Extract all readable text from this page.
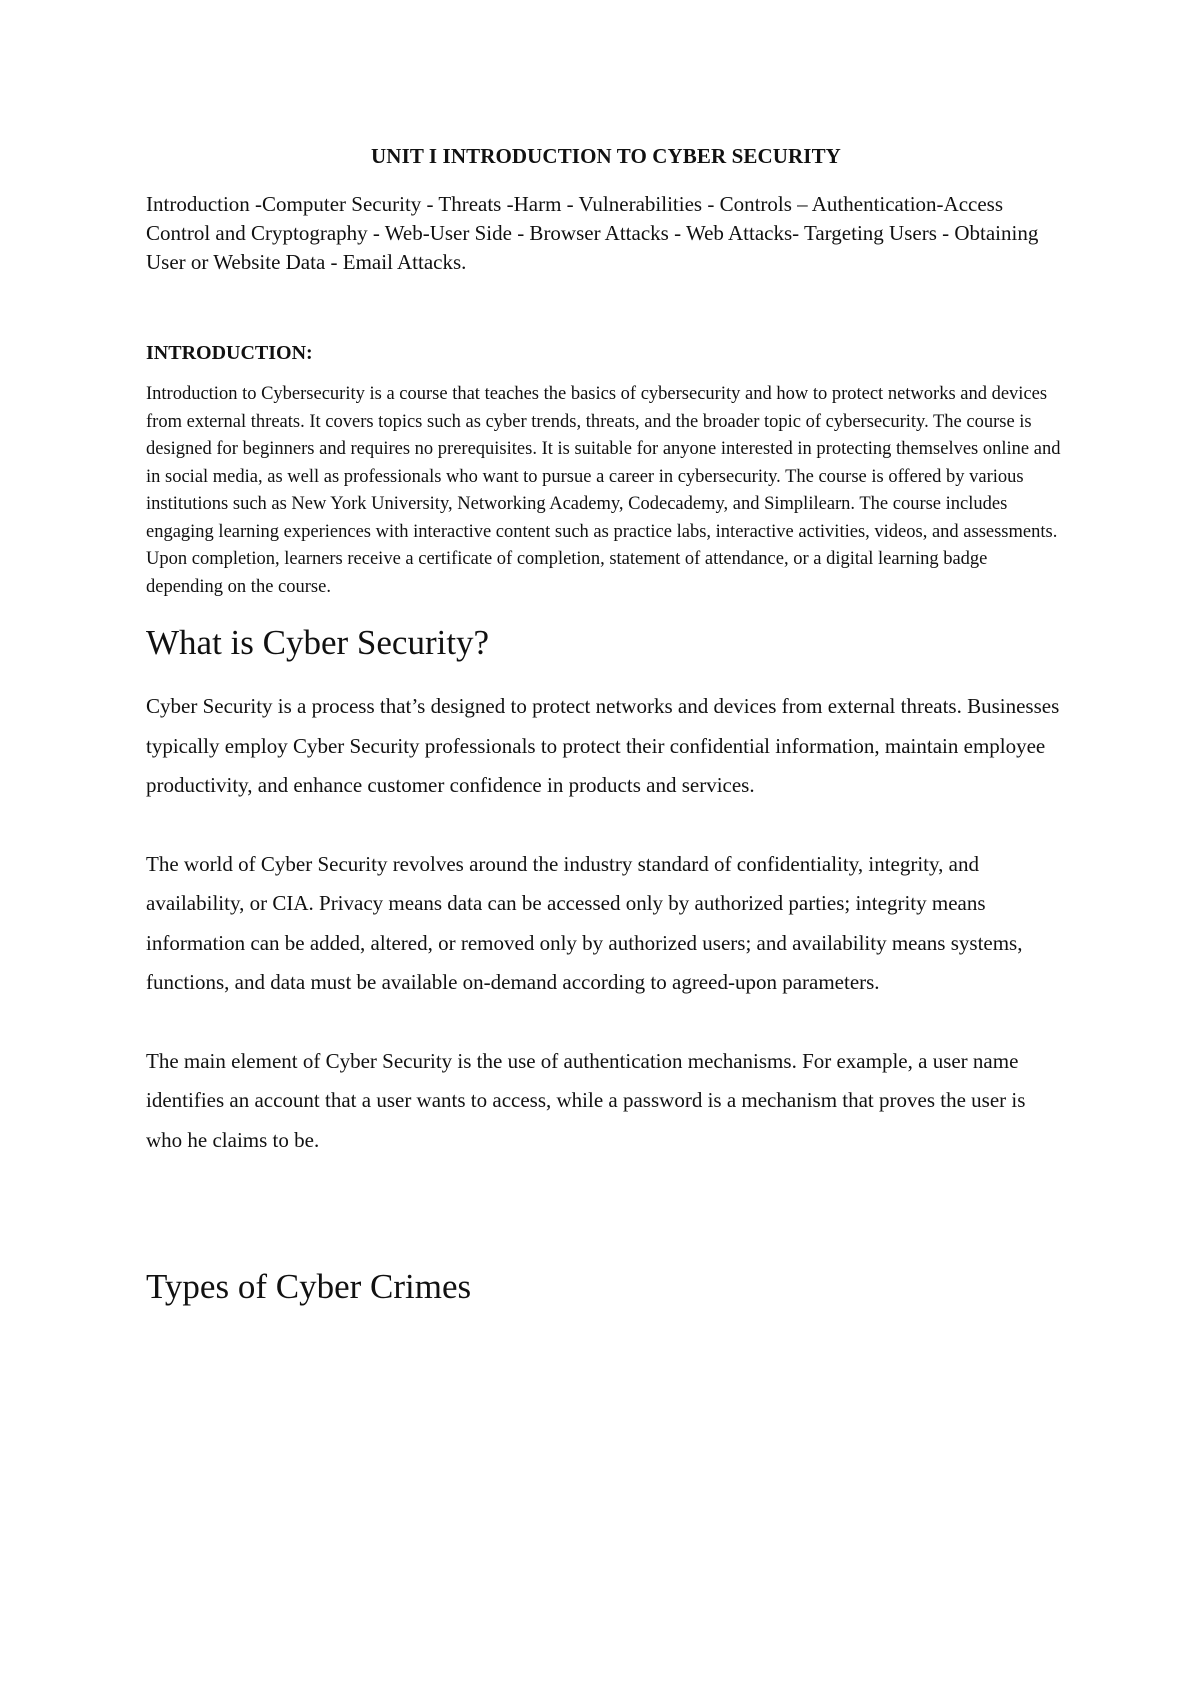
UNIT I INTRODUCTION TO CYBER SECURITY

Introduction -Computer Security - Threats -Harm - Vulnerabilities - Controls – Authentication-Access Control and Cryptography - Web-User Side - Browser Attacks - Web Attacks- Targeting Users - Obtaining User or Website Data - Email Attacks.

INTRODUCTION:

Introduction to Cybersecurity is a course that teaches the basics of cybersecurity and how to protect networks and devices from external threats. It covers topics such as cyber trends, threats, and the broader topic of cybersecurity. The course is designed for beginners and requires no prerequisites. It is suitable for anyone interested in protecting themselves online and in social media, as well as professionals who want to pursue a career in cybersecurity. The course is offered by various institutions such as New York University, Networking Academy, Codecademy, and Simplilearn. The course includes engaging learning experiences with interactive content such as practice labs, interactive activities, videos, and assessments. Upon completion, learners receive a certificate of completion, statement of attendance, or a digital learning badge depending on the course.

What is Cyber Security?

Cyber Security is a process that’s designed to protect networks and devices from external threats. Businesses typically employ Cyber Security professionals to protect their confidential information, maintain employee productivity, and enhance customer confidence in products and services.

The world of Cyber Security revolves around the industry standard of confidentiality, integrity, and availability, or CIA. Privacy means data can be accessed only by authorized parties; integrity means information can be added, altered, or removed only by authorized users; and availability means systems, functions, and data must be available on-demand according to agreed-upon parameters.

The main element of Cyber Security is the use of authentication mechanisms. For example, a user name identifies an account that a user wants to access, while a password is a mechanism that proves the user is who he claims to be.

Types of Cyber Crimes
